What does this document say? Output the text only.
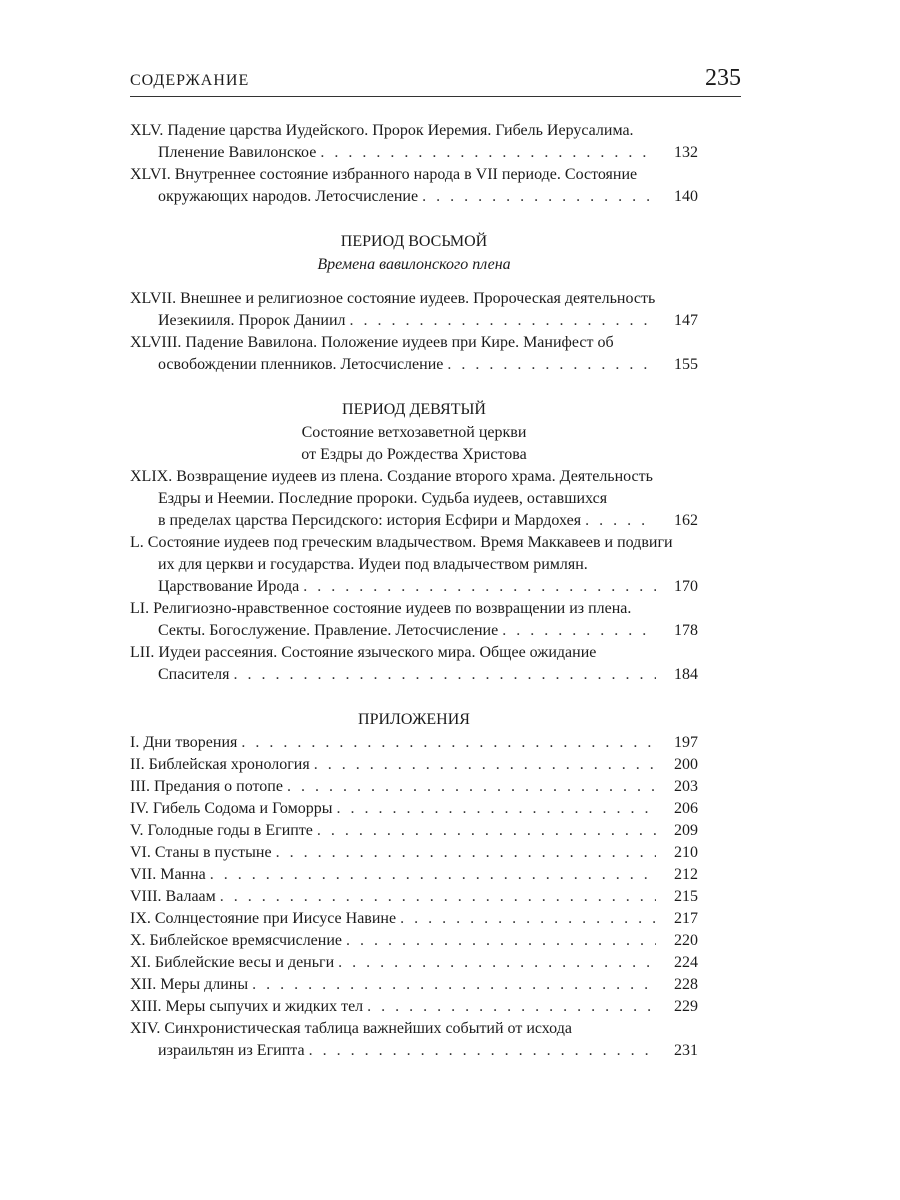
СОДЕРЖАНИЕ	235
XLV. Падение царства Иудейского. Пророк Иеремия. Гибель Иерусалима.
Пленение Вавилонское . . .	132
XLVI. Внутреннее состояние избранного народа в VII периоде. Состояние
окружающих народов. Летосчисление . . .	140
ПЕРИОД ВОСЬМОЙ
Времена вавилонского плена
XLVII. Внешнее и религиозное состояние иудеев. Пророческая деятельность
Иезекииля. Пророк Даниил . . .	147
XLVIII. Падение Вавилона. Положение иудеев при Кире. Манифест об
освобождении пленников. Летосчисление . . .	155
ПЕРИОД ДЕВЯТЫЙ
Состояние ветхозаветной церкви
от Ездры до Рождества Христова
XLIX. Возвращение иудеев из плена. Создание второго храма. Деятельность
Ездры и Неемии. Последние пророки. Судьба иудеев, оставшихся
в пределах царства Персидского: история Есфири и Мардохея . . .	162
L. Состояние иудеев под греческим владычеством. Время Маккавеев и подвиги
их для церкви и государства. Иудеи под владычеством римлян.
Царствование Ирода . . .	170
LI. Религиозно-нравственное состояние иудеев по возвращении из плена.
Секты. Богослужение. Правление. Летосчисление . . .	178
LII. Иудеи рассеяния. Состояние языческого мира. Общее ожидание
Спасителя . . .	184
ПРИЛОЖЕНИЯ
I. Дни творения . . .	197
II. Библейская хронология . . .	200
III. Предания о потопе . . .	203
IV. Гибель Содома и Гоморры . . .	206
V. Голодные годы в Египте . . .	209
VI. Станы в пустыне . . .	210
VII. Манна . . .	212
VIII. Валаам . . .	215
IX. Солнцестояние при Иисусе Навине . . .	217
X. Библейское времясчисление . . .	220
XI. Библейские весы и деньги . . .	224
XII. Меры длины . . .	228
XIII. Меры сыпучих и жидких тел . . .	229
XIV. Синхронистическая таблица важнейших событий от исхода
израильтян из Египта . . .	231
